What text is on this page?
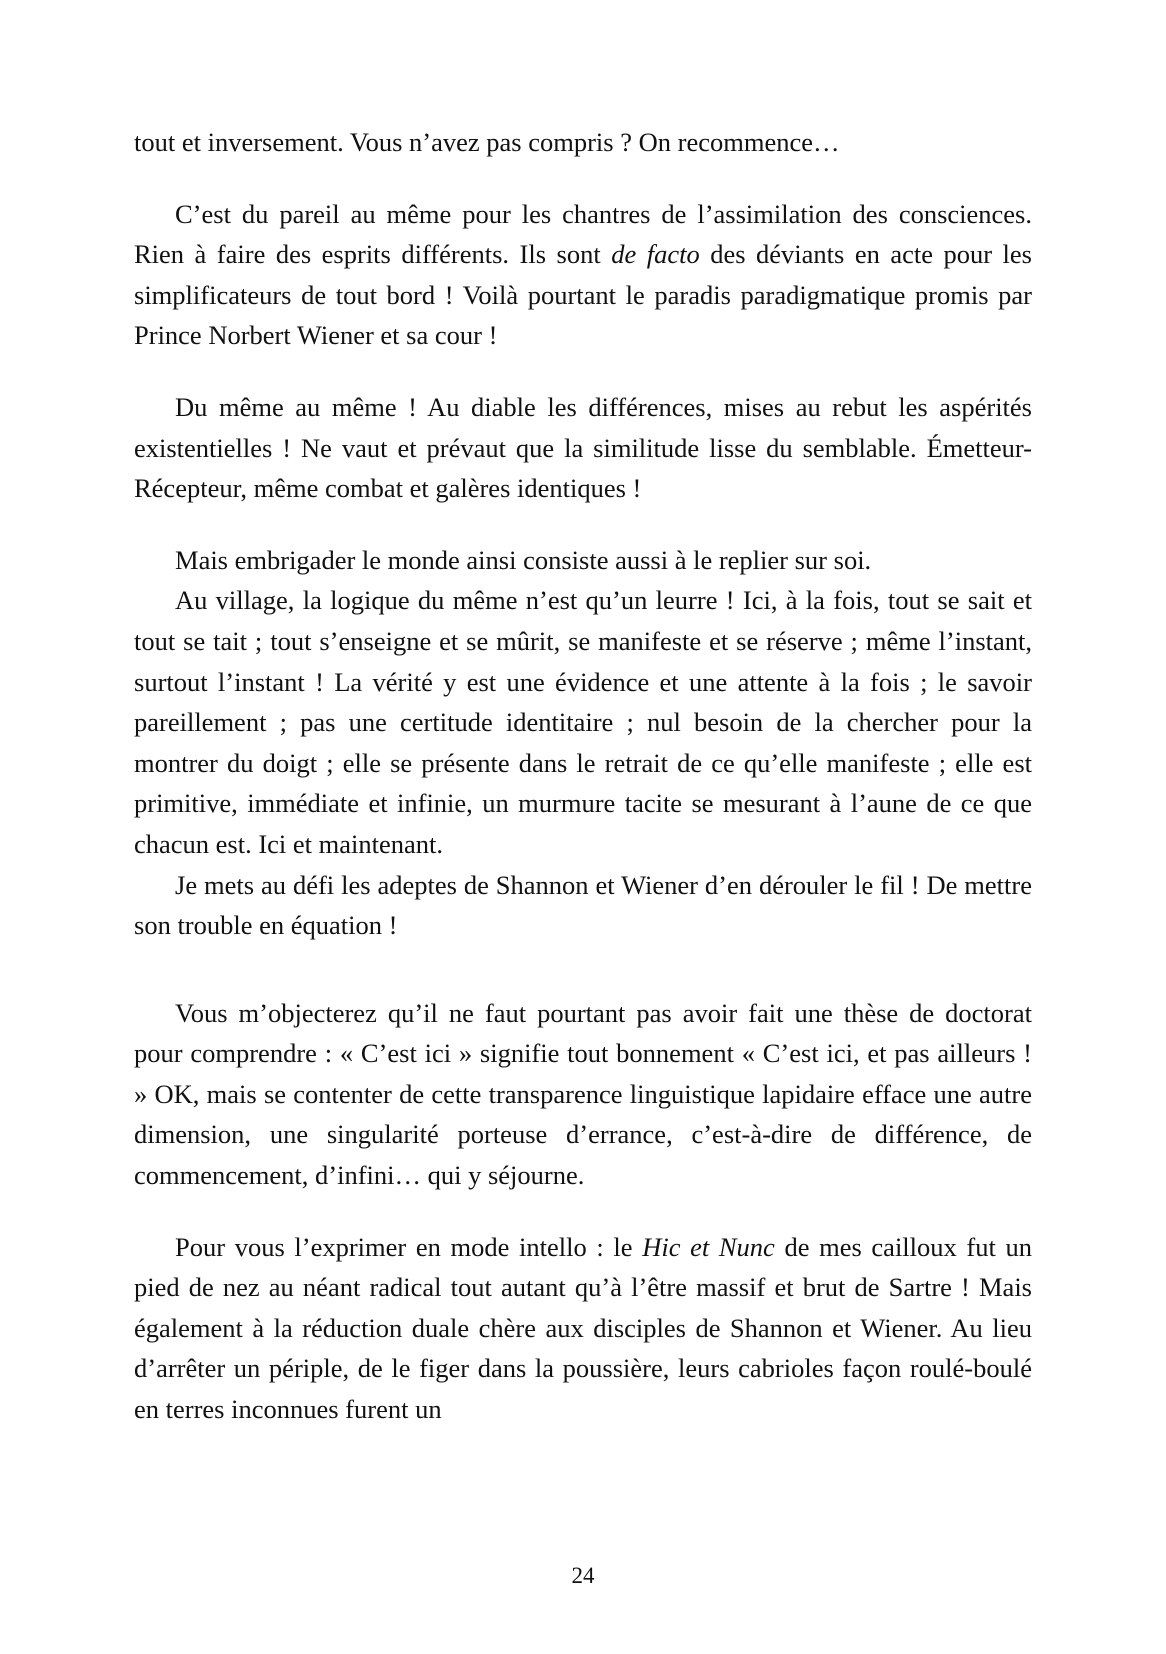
tout et inversement. Vous n’avez pas compris ? On recommence…

C’est du pareil au même pour les chantres de l’assimilation des consciences. Rien à faire des esprits différents. Ils sont de facto des déviants en acte pour les simplificateurs de tout bord ! Voilà pourtant le paradis paradigmatique promis par Prince Norbert Wiener et sa cour !

Du même au même ! Au diable les différences, mises au rebut les aspérités existentielles ! Ne vaut et prévaut que la similitude lisse du semblable. Émetteur-Récepteur, même combat et galères identiques !

Mais embrigader le monde ainsi consiste aussi à le replier sur soi.

Au village, la logique du même n’est qu’un leurre ! Ici, à la fois, tout se sait et tout se tait ; tout s’enseigne et se mûrit, se manifeste et se réserve ; même l’instant, surtout l’instant ! La vérité y est une évidence et une attente à la fois ; le savoir pareillement ; pas une certitude identitaire ; nul besoin de la chercher pour la montrer du doigt ; elle se présente dans le retrait de ce qu’elle manifeste ; elle est primitive, immédiate et infinie, un murmure tacite se mesurant à l’aune de ce que chacun est. Ici et maintenant.

Je mets au défi les adeptes de Shannon et Wiener d’en dérouler le fil ! De mettre son trouble en équation !

Vous m’objecterez qu’il ne faut pourtant pas avoir fait une thèse de doctorat pour comprendre : « C’est ici » signifie tout bonnement « C’est ici, et pas ailleurs ! » OK, mais se contenter de cette transparence linguistique lapidaire efface une autre dimension, une singularité porteuse d’errance, c’est-à-dire de différence, de commencement, d’infini… qui y séjourne.

Pour vous l’exprimer en mode intello : le Hic et Nunc de mes cailloux fut un pied de nez au néant radical tout autant qu’à l’être massif et brut de Sartre ! Mais également à la réduction duale chère aux disciples de Shannon et Wiener. Au lieu d’arrêter un périple, de le figer dans la poussière, leurs cabrioles façon roulé-boulé en terres inconnues furent un

24
